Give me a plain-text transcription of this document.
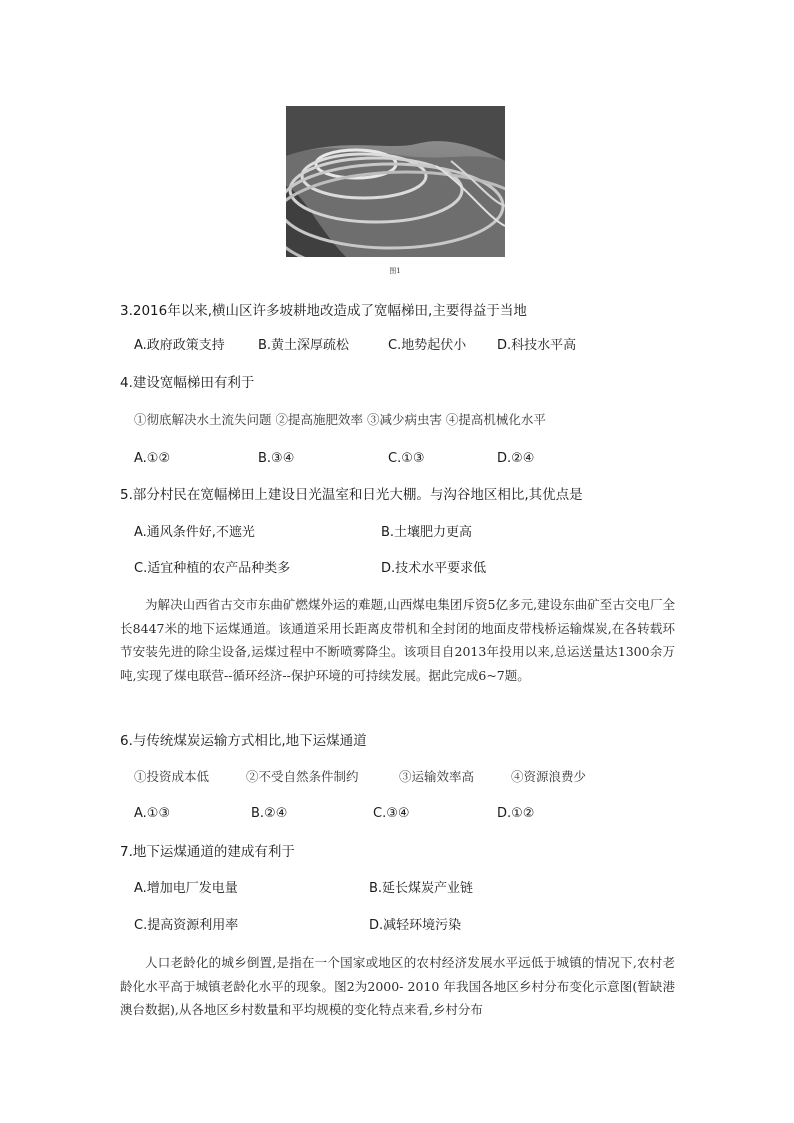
图1
3.2016年以来,横山区许多坡耕地改造成了宽幅梯田,主要得益于当地
A.政府政策支持	B.黄土深厚疏松	C.地势起伏小 D.科技水平高
4.建设宽幅梯田有利于
①彻底解决水土流失问题 ②提高施肥效率 ③减少病虫害 ④提高机械化水平
A.①②	B.③④	C.①③	D.②④
5.部分村民在宽幅梯田上建设日光温室和日光大棚。与沟谷地区相比,其优点是
A.通风条件好,不遮光	B.土壤肥力更高
C.适宜种植的农产品种类多	D.技术水平要求低
为解决山西省古交市东曲矿燃煤外运的难题,山西煤电集团斥资5亿多元,建设东曲矿至古交电厂全长8447米的地下运煤通道。该通道采用长距离皮带机和全封闭的地面皮带栈桥运输煤炭,在各转载环节安装先进的除尘设备,运煤过程中不断喷雾降尘。该项目自2013年投用以来,总运送量达1300余万吨,实现了煤电联营--循环经济--保护环境的可持续发展。据此完成6~7题。
6.与传统煤炭运输方式相比,地下运煤通道
①投资成本低	②不受自然条件制约	③运输效率高	④资源浪费少
A.①③	B.②④	C.③④	D.①②
7.地下运煤通道的建成有利于
A.增加电厂发电量	B.延长煤炭产业链
C.提高资源利用率	D.减轻环境污染
人口老龄化的城乡倒置,是指在一个国家或地区的农村经济发展水平远低于城镇的情况下,农村老龄化水平高于城镇老龄化水平的现象。图2为2000- 2010 年我国各地区乡村分布变化示意图(暂缺港澳台数据),从各地区乡村数量和平均规模的变化特点来看,乡村分布
